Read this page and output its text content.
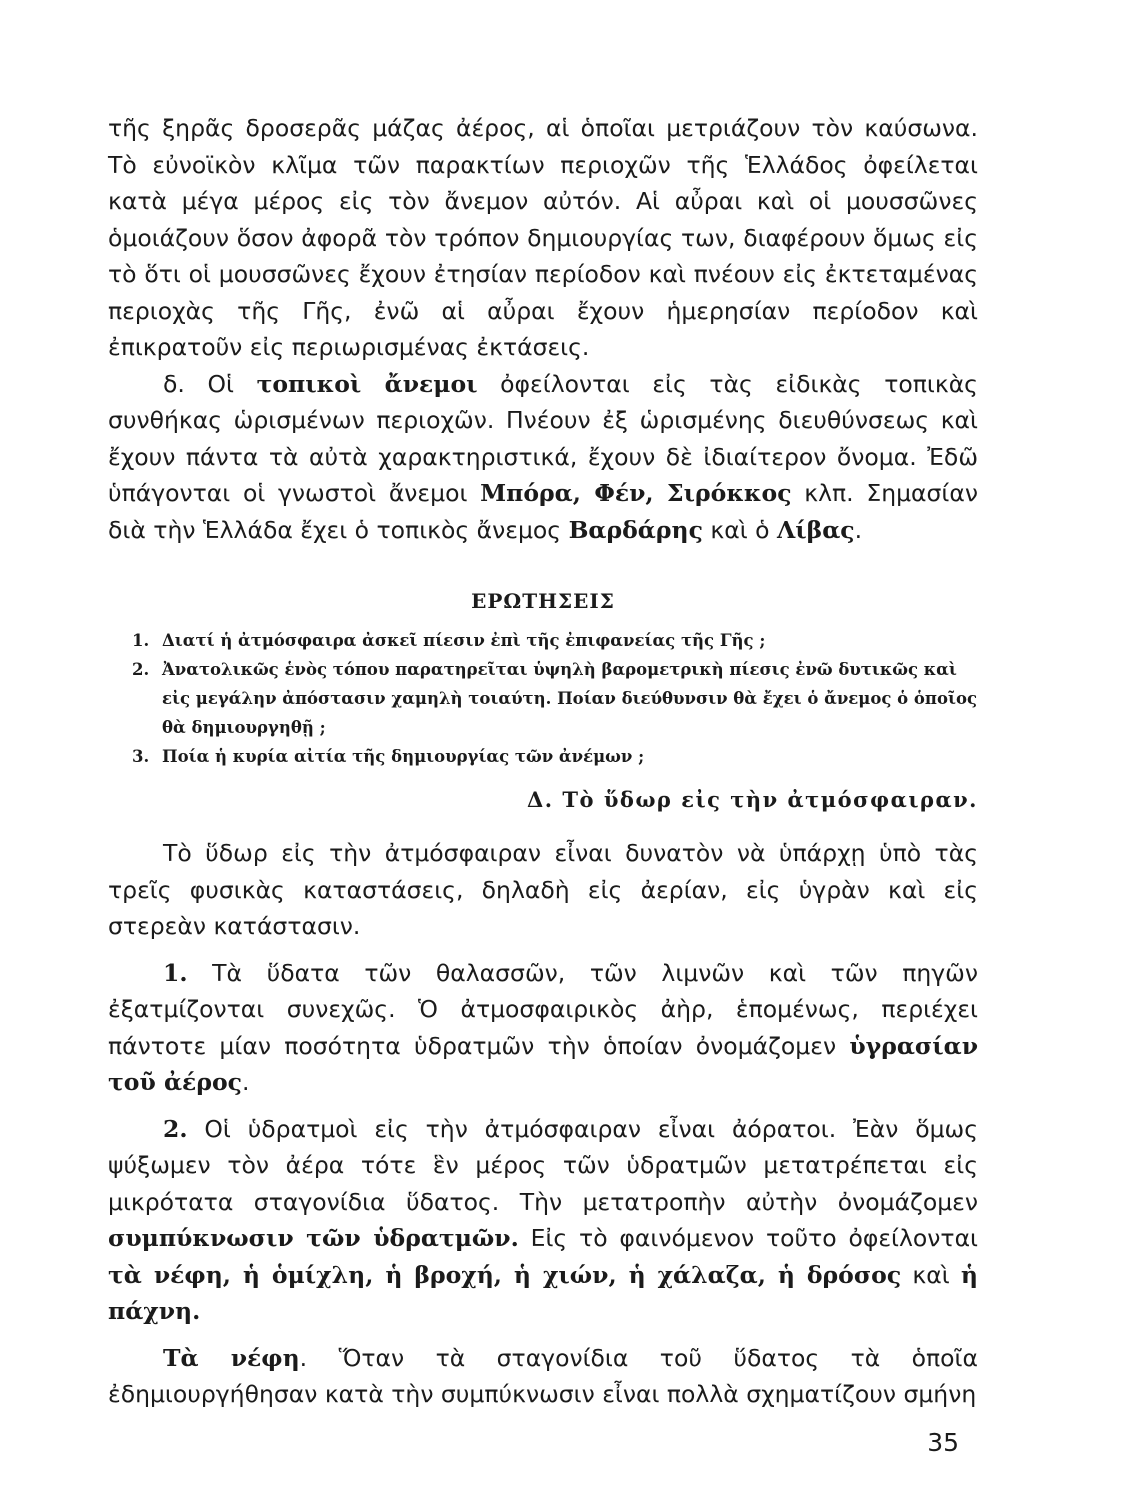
τῆς ξηρᾶς δροσερᾶς μάζας ἀέρος, αἱ ὁποῖαι μετριάζουν τὸν καύσωνα. Τὸ εὐνοϊκὸν κλῖμα τῶν παρακτίων περιοχῶν τῆς Ἑλλάδος ὀφείλεται κατὰ μέγα μέρος εἰς τὸν ἄνεμον αὐτόν. Αἱ αὖραι καὶ οἱ μουσσῶνες ὁμοιάζουν ὅσον ἀφορᾶ τὸν τρόπον δημιουργίας των, διαφέρουν ὅμως εἰς τὸ ὅτι οἱ μουσσῶνες ἔχουν ἐτησίαν περίοδον καὶ πνέουν εἰς ἐκτεταμένας περιοχὰς τῆς Γῆς, ἐνῶ αἱ αὖραι ἔχουν ἡμερησίαν περίοδον καὶ ἐπικρατοῦν εἰς περιωρισμένας ἐκτάσεις.

δ. Οἱ τοπικοὶ ἄνεμοι ὀφείλονται εἰς τὰς εἰδικὰς τοπικὰς συνθήκας ὡρισμένων περιοχῶν. Πνέουν ἐξ ὡρισμένης διευθύνσεως καὶ ἔχουν πάντα τὰ αὐτὰ χαρακτηριστικά, ἔχουν δὲ ἰδιαίτερον ὄνομα. Ἐδῶ ὑπάγονται οἱ γνωστοὶ ἄνεμοι Μπόρα, Φέν, Σιρόκκος κλπ. Σημασίαν διὰ τὴν Ἑλλάδα ἔχει ὁ τοπικὸς ἄνεμος Βαρδάρης καὶ ὁ Λίβας.

ΕΡΩΤΗΣΕΙΣ

1. Διατί ἡ ἀτμόσφαιρα ἀσκεῖ πίεσιν ἐπὶ τῆς ἐπιφανείας τῆς Γῆς ;
2. Ἀνατολικῶς ἑνὸς τόπου παρατηρεῖται ὑψηλὴ βαρομετρικὴ πίεσις ἐνῶ δυτικῶς καὶ εἰς μεγάλην ἀπόστασιν χαμηλὴ τοιαύτη. Ποίαν διεύθυνσιν θὰ ἔχει ὁ ἄνεμος ὁ ὁποῖος θὰ δημιουργηθῇ ;
3. Ποία ἡ κυρία αἰτία τῆς δημιουργίας τῶν ἀνέμων ;

Δ. Τὸ ὕδωρ εἰς τὴν ἀτμόσφαιραν.

Τὸ ὕδωρ εἰς τὴν ἀτμόσφαιραν εἶναι δυνατὸν νὰ ὑπάρχῃ ὑπὸ τὰς τρεῖς φυσικὰς καταστάσεις, δηλαδὴ εἰς ἀερίαν, εἰς ὑγρὰν καὶ εἰς στερεὰν κατάστασιν.

1. Τὰ ὕδατα τῶν θαλασσῶν, τῶν λιμνῶν καὶ τῶν πηγῶν ἐξατμίζονται συνεχῶς. Ὁ ἀτμοσφαιρικὸς ἀὴρ, ἑπομένως, περιέχει πάντοτε μίαν ποσότητα ὑδρατμῶν τὴν ὁποίαν ὀνομάζομεν ὑγρασίαν τοῦ ἀέρος.

2. Οἱ ὑδρατμοὶ εἰς τὴν ἀτμόσφαιραν εἶναι ἀόρατοι. Ἐὰν ὅμως ψύξωμεν τὸν ἀέρα τότε ἓν μέρος τῶν ὑδρατμῶν μετατρέπεται εἰς μικρότατα σταγονίδια ὕδατος. Τὴν μετατροπὴν αὐτὴν ὀνομάζομεν συμπύκνωσιν τῶν ὑδρατμῶν. Εἰς τὸ φαινόμενον τοῦτο ὀφείλονται τὰ νέφη, ἡ ὁμίχλη, ἡ βροχή, ἡ χιών, ἡ χάλαζα, ἡ δρόσος καὶ ἡ πάχνη.

Τὰ νέφη. Ὅταν τὰ σταγονίδια τοῦ ὕδατος τὰ ὁποῖα ἐδημιουργήθησαν κατὰ τὴν συμπύκνωσιν εἶναι πολλὰ σχηματίζουν σμήνη

35
